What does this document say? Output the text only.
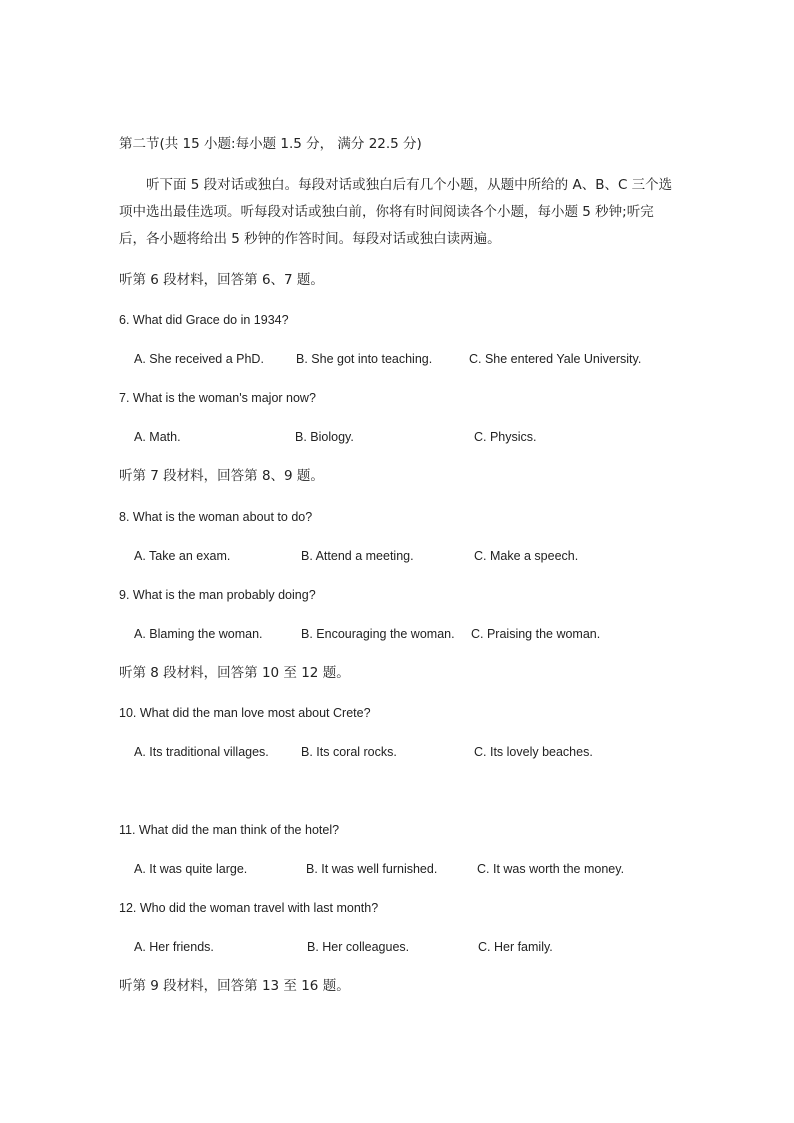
第二节(共 15 小题:每小题 1.5 分， 满分 22.5 分)

听下面 5 段对话或独白。每段对话或独白后有几个小题，从题中所给的 A、B、C 三个选项中选出最佳选项。听每段对话或独白前，你将有时间阅读各个小题，每小题 5 秒钟;听完后，各小题将给出 5 秒钟的作答时间。每段对话或独白读两遍。

听第 6 段材料，回答第 6、7 题。
6. What did Grace do in 1934?
A. She received a PhD.	B. She got into teaching.	C. She entered Yale University.
7. What is the woman's major now?
A. Math.	B. Biology.	C. Physics.
听第 7 段材料，回答第 8、9 题。
8. What is the woman about to do?
A. Take an exam.	B. Attend a meeting.	C. Make a speech.
9. What is the man probably doing?
A. Blaming the woman.	B. Encouraging the woman. C. Praising the woman.
听第 8 段材料，回答第 10 至 12 题。
10. What did the man love most about Crete?
A. Its traditional villages.	B. Its coral rocks.	C. Its lovely beaches.
11. What did the man think of the hotel?
A. It was quite large.	B. It was well furnished.	C. It was worth the money.
12. Who did the woman travel with last month?
A. Her friends.	B. Her colleagues.	C. Her family.
听第 9 段材料，回答第 13 至 16 题。
